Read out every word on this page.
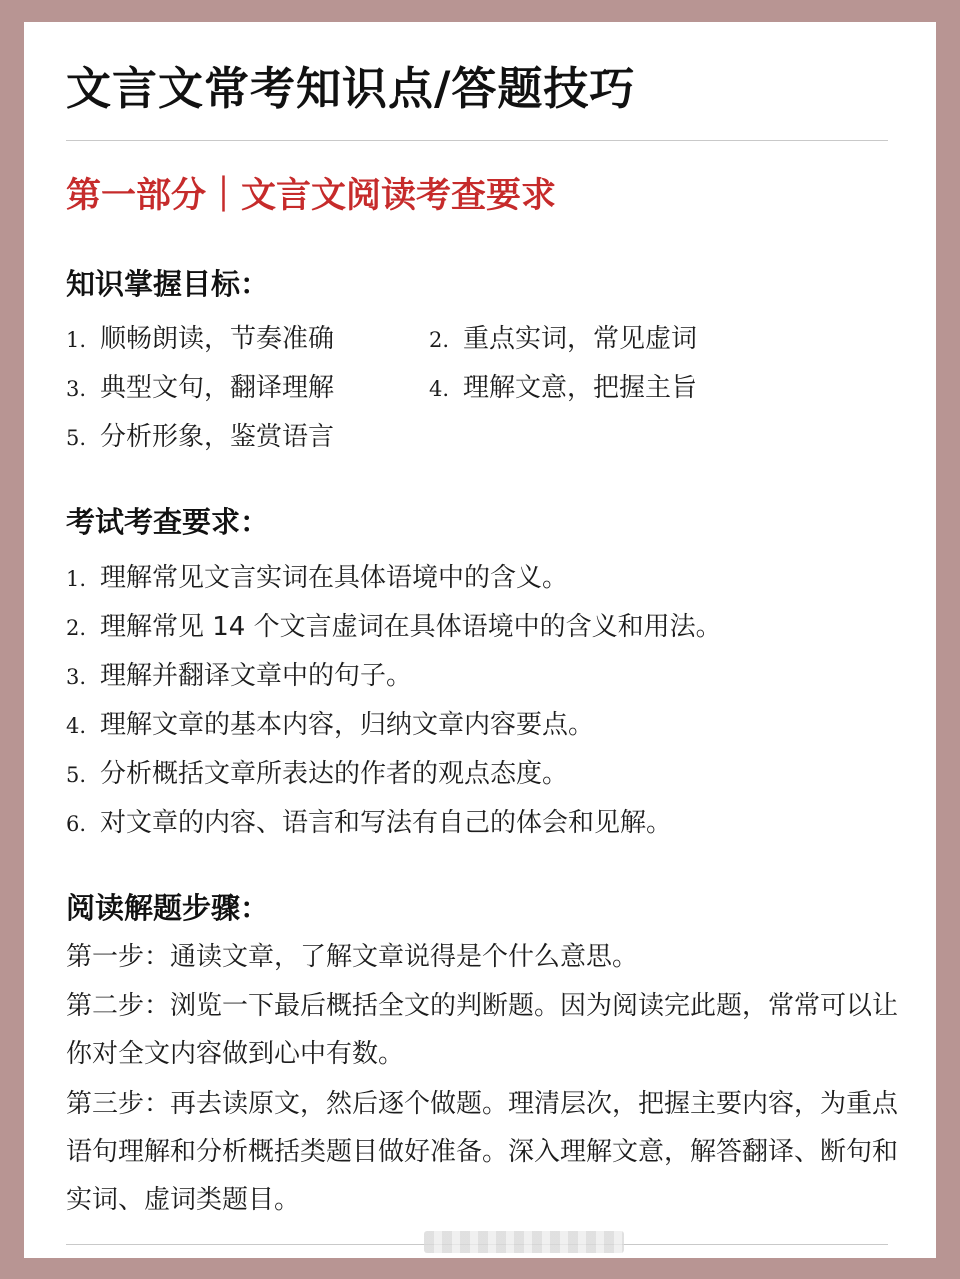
文言文常考知识点/答题技巧
第一部分｜文言文阅读考查要求
知识掌握目标：
1. 顺畅朗读，节奏准确	2. 重点实词，常见虚词
3. 典型文句，翻译理解	4. 理解文意，把握主旨
5. 分析形象，鉴赏语言
考试考查要求：
1. 理解常见文言实词在具体语境中的含义。
2. 理解常见 14 个文言虚词在具体语境中的含义和用法。
3. 理解并翻译文章中的句子。
4. 理解文章的基本内容，归纳文章内容要点。
5. 分析概括文章所表达的作者的观点态度。
6. 对文章的内容、语言和写法有自己的体会和见解。
阅读解题步骤：
第一步：通读文章，了解文章说得是个什么意思。
第二步：浏览一下最后概括全文的判断题。因为阅读完此题，常常可以让你对全文内容做到心中有数。
第三步：再去读原文，然后逐个做题。理清层次，把握主要内容，为重点语句理解和分析概括类题目做好准备。深入理解文意，解答翻译、断句和实词、虚词类题目。
